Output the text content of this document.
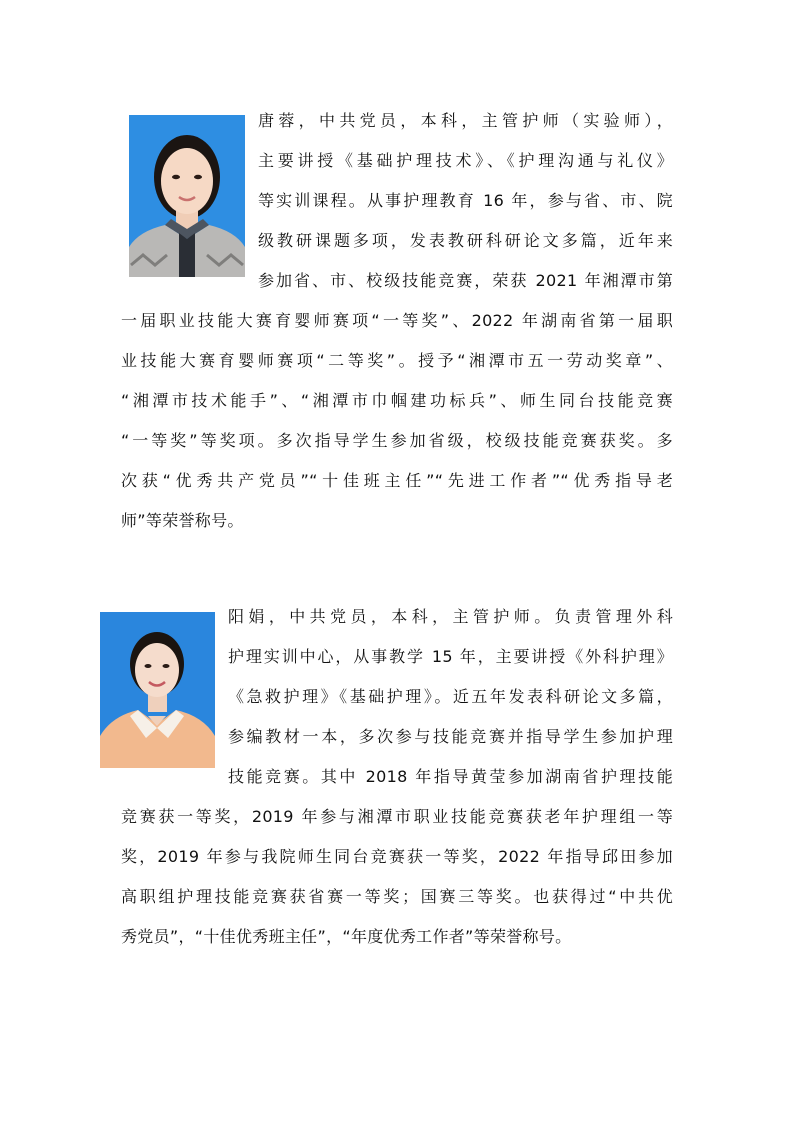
唐蓉，中共党员，本科，主管护师（实验师），
主要讲授《基础护理技术》、《护理沟通与礼仪》
等实训课程。从事护理教育 16 年，参与省、市、院
级教研课题多项，发表教研科研论文多篇，近年来
参加省、市、校级技能竞赛，荣获 2021 年湘潭市第
一届职业技能大赛育婴师赛项“一等奖”、2022 年湖南省第一届职
业技能大赛育婴师赛项“二等奖”。授予“湘潭市五一劳动奖章”、
“湘潭市技术能手”、“湘潭市巾帼建功标兵”、师生同台技能竞赛
“一等奖”等奖项。多次指导学生参加省级，校级技能竞赛获奖。多
次获“优秀共产党员”“十佳班主任”“先进工作者”“优秀指导老
师”等荣誉称号。
阳娟，中共党员，本科，主管护师。负责管理外科
护理实训中心，从事教学 15 年，主要讲授《外科护理》
《急救护理》《基础护理》。近五年发表科研论文多篇，
参编教材一本，多次参与技能竞赛并指导学生参加护理
技能竞赛。其中 2018 年指导黄莹参加湖南省护理技能
竞赛获一等奖，2019 年参与湘潭市职业技能竞赛获老年护理组一等
奖，2019 年参与我院师生同台竞赛获一等奖，2022 年指导邱田参加
高职组护理技能竞赛获省赛一等奖；国赛三等奖。也获得过“中共优
秀党员”，“十佳优秀班主任”，“年度优秀工作者”等荣誉称号。
